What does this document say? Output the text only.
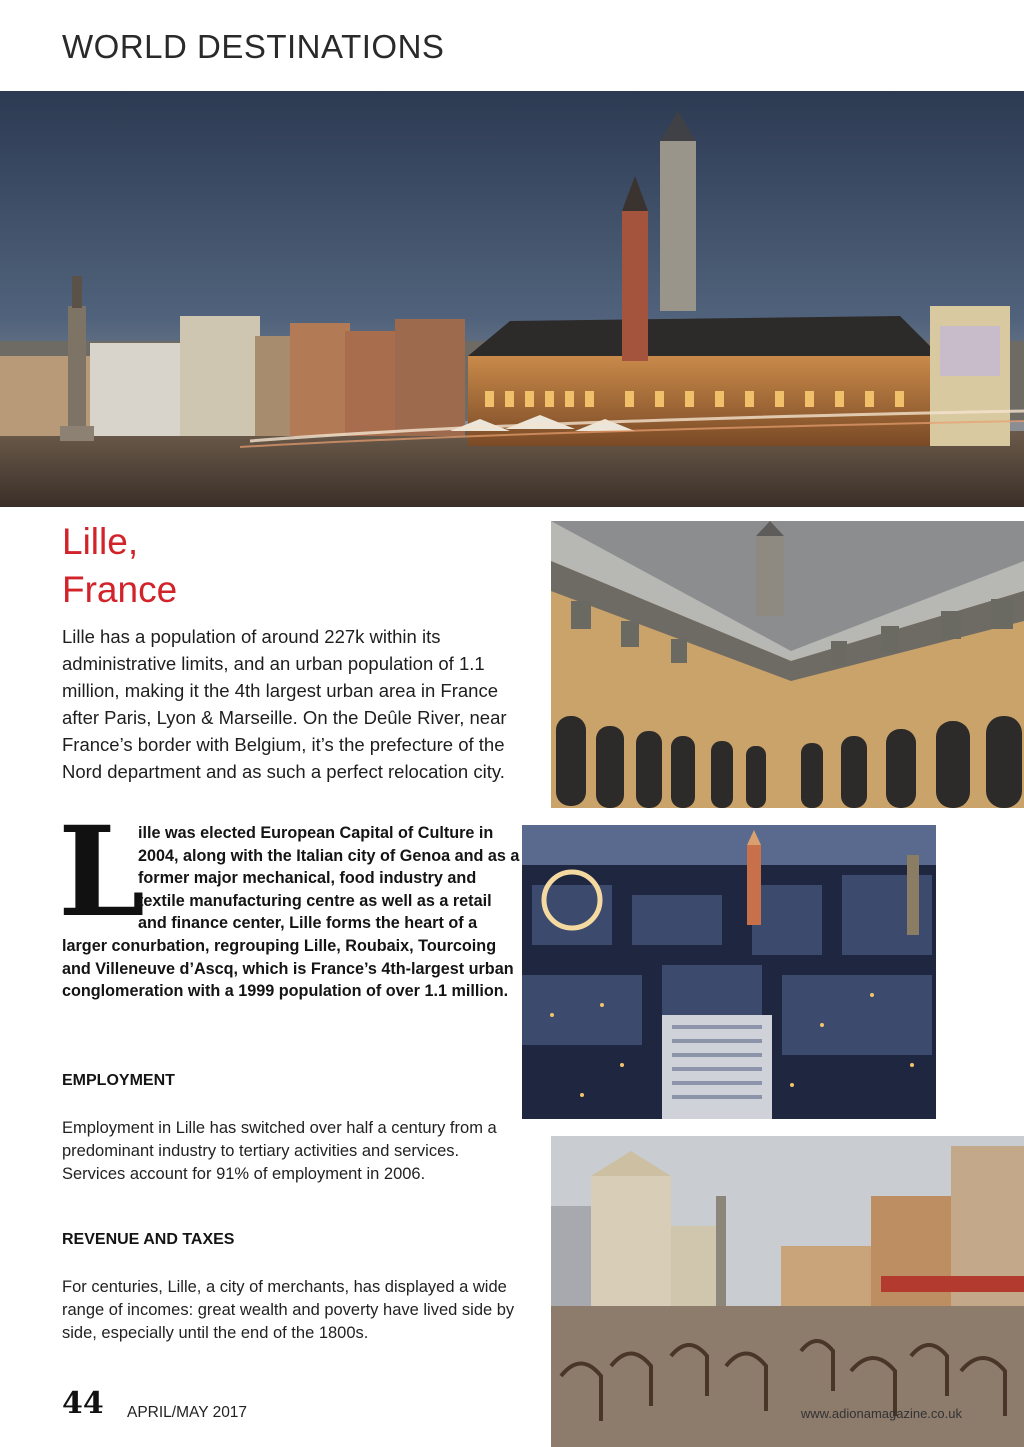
WORLD DESTINATIONS
Lille,
France

Lille has a population of around 227k within its administrative limits, and an urban population of 1.1 million, making it the 4th largest urban area in France after Paris, Lyon & Marseille. On the Deûle River, near France’s border with Belgium, it’s the prefecture of the Nord department and as such a perfect relocation city.

L

ille was elected European Capital of Culture in 2004, along with the Italian city of Genoa and as a former major mechanical, food industry and textile manufacturing centre as well as a retail and finance center, Lille forms the heart of a larger conurbation, regrouping Lille, Roubaix, Tourcoing and Villeneuve d’Ascq, which is France’s 4th-largest urban conglomeration with a 1999 population of over 1.1 million.

EMPLOYMENT

Employment in Lille has switched over half a century from a predominant industry to tertiary activities and services. Services account for 91% of employment in 2006.

REVENUE AND TAXES

For centuries, Lille, a city of merchants, has displayed a wide range of incomes: great wealth and poverty have lived side by side, especially until the end of the 1800s.

44 APRIL/MAY 2017	www.adionamagazine.co.uk
